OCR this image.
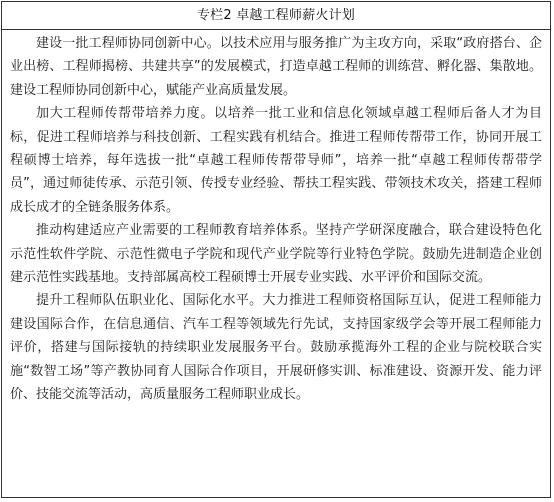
专栏2 卓越工程师薪火计划

建设一批工程师协同创新中心。以技术应用与服务推广为主攻方向，采取“政府搭台、企业出榜、工程师揭榜、共建共享”的发展模式，打造卓越工程师的训练营、孵化器、集散地。建设工程师协同创新中心，赋能产业高质量发展。

加大工程师传帮带培养力度。以培养一批工业和信息化领域卓越工程师后备人才为目标，促进工程师培养与科技创新、工程实践有机结合。推进工程师传帮带工作，协同开展工程硕博士培养，每年选拔一批“卓越工程师传帮带导师”，培养一批“卓越工程师传帮带学员”，通过师徒传承、示范引领、传授专业经验、帮扶工程实践、带领技术攻关，搭建工程师成长成才的全链条服务体系。

推动构建适应产业需要的工程师教育培养体系。坚持产学研深度融合，联合建设特色化示范性软件学院、示范性微电子学院和现代产业学院等行业特色学院。鼓励先进制造企业创建示范性实践基地。支持部属高校工程硕博士开展专业实践、水平评价和国际交流。

提升工程师队伍职业化、国际化水平。大力推进工程师资格国际互认，促进工程师能力建设国际合作，在信息通信、汽车工程等领域先行先试，支持国家级学会等开展工程师能力评价，搭建与国际接轨的持续职业发展服务平台。鼓励承揽海外工程的企业与院校联合实施“数智工场”等产教协同育人国际合作项目，开展研修实训、标准建设、资源开发、能力评价、技能交流等活动，高质量服务工程师职业成长。
